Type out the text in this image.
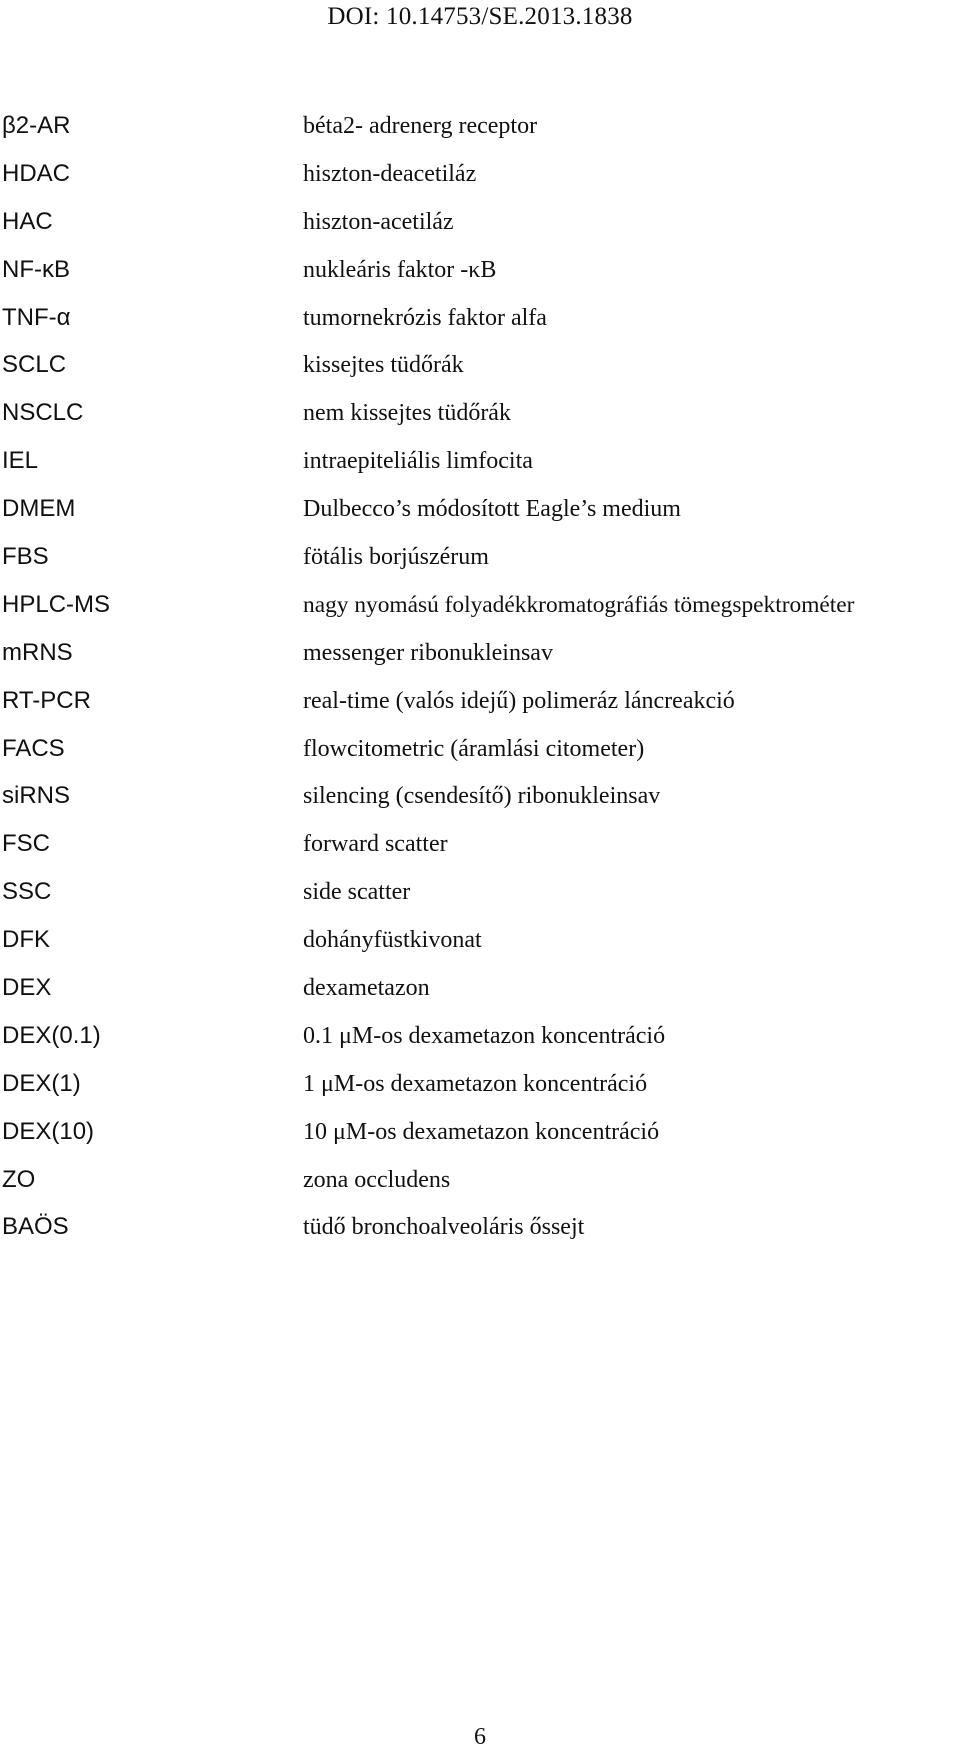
DOI: 10.14753/SE.2013.1838
β2-AR	béta2- adrenerg receptor
HDAC	hiszton-deacetiláz
HAC	hiszton-acetiláz
NF-κB	nukleáris faktor -κB
TNF-α	tumornekrózis faktor alfa
SCLC	kissejtes tüdőrák
NSCLC	nem kissejtes tüdőrák
IEL	intraepiteliális limfocita
DMEM	Dulbecco’s módosított Eagle’s medium
FBS	fötális borjúszérum
HPLC-MS	nagy nyomású folyadékkromatográfiás tömegspektrométer
mRNS	messenger ribonukleinsav
RT-PCR	real-time (valós idejű) polimeráz láncreakció
FACS	flowcitometric (áramlási citometer)
siRNS	silencing (csendesítő) ribonukleinsav
FSC	forward scatter
SSC	side scatter
DFK	dohányfüstkivonat
DEX	dexametazon
DEX(0.1)	0.1 μM-os dexametazon koncentráció
DEX(1)	1 μM-os dexametazon koncentráció
DEX(10)	10 μM-os dexametazon koncentráció
ZO	zona occludens
BAÖS	tüdő bronchoalveoláris őssejt
6
